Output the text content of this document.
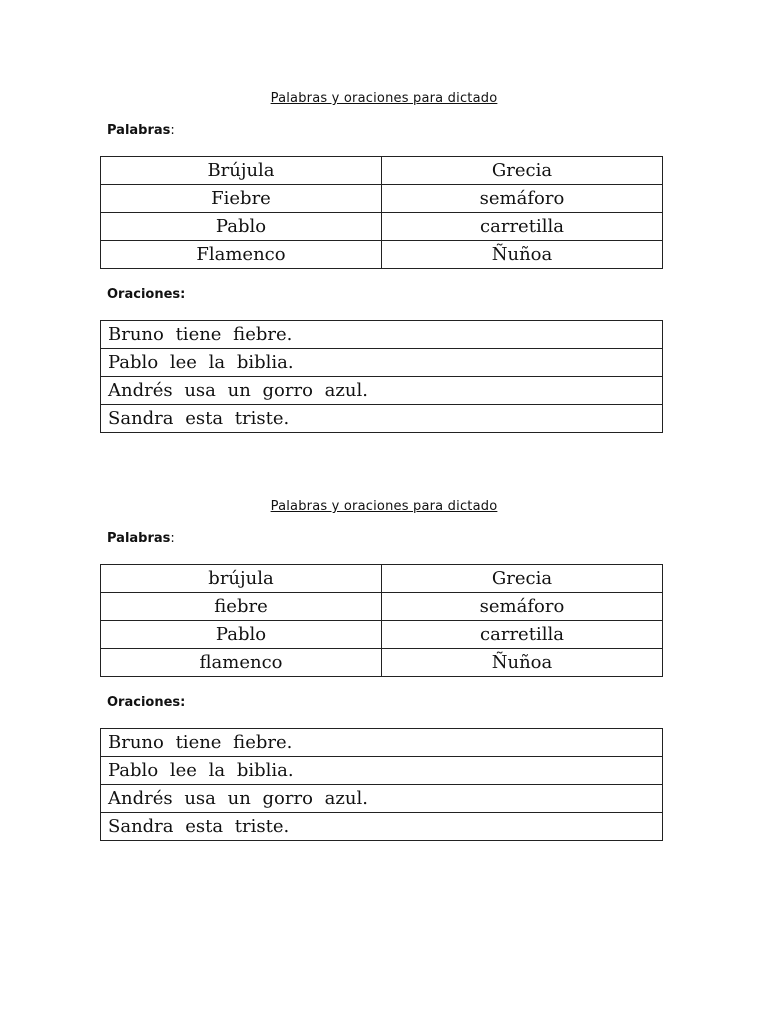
Palabras y oraciones para dictado
Palabras:
Brújula	Grecia
Fiebre	semáforo
Pablo	carretilla
Flamenco	Ñuñoa
Oraciones:
Bruno tiene fiebre.
Pablo lee la biblia.
Andrés usa un gorro azul.
Sandra esta triste.
Palabras y oraciones para dictado
Palabras:
brújula	Grecia
fiebre	semáforo
Pablo	carretilla
flamenco	Ñuñoa
Oraciones:
Bruno tiene fiebre.
Pablo lee la biblia.
Andrés usa un gorro azul.
Sandra esta triste.
